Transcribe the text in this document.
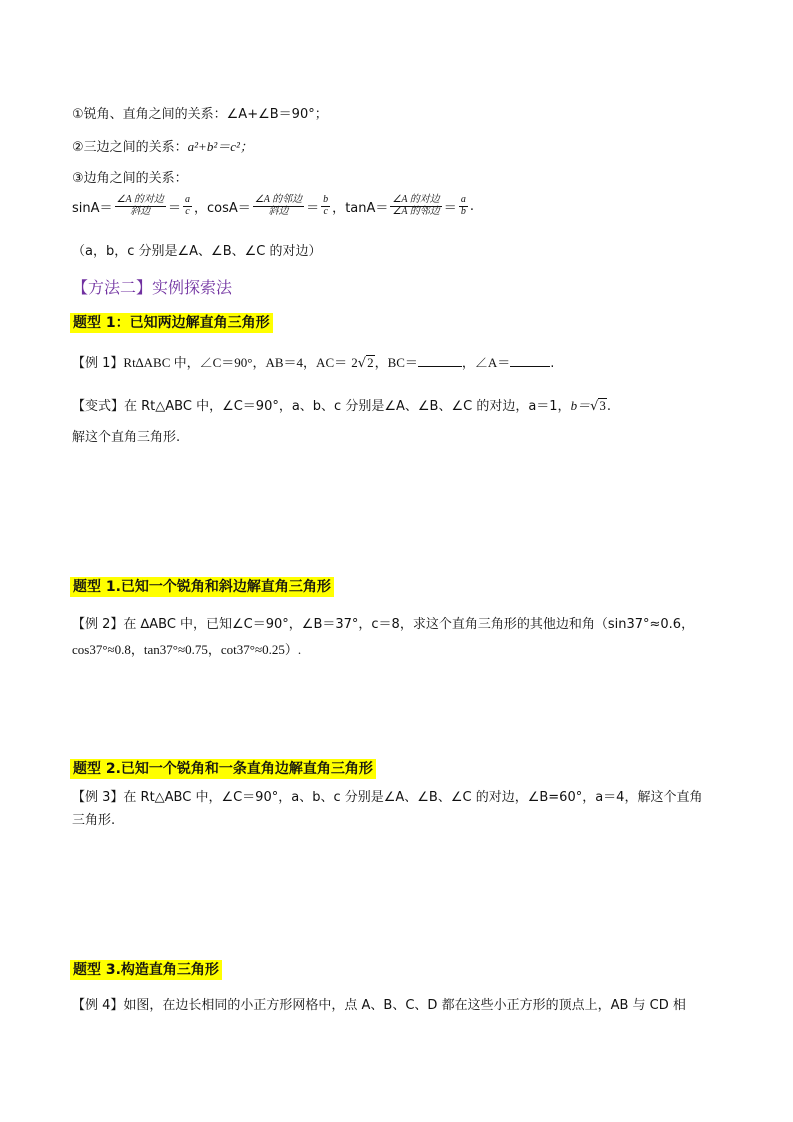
①锐角、直角之间的关系：∠A+∠B＝90°；
②三边之间的关系：a²+b²＝c²；
③边角之间的关系：
$\sin A= \frac{\text{∠A 的对边}}{\text{斜边}} = \frac{a}{c}$ ， $\cos A= \frac{\text{∠A 的邻边}}{\text{斜边}} = \frac{b}{c}$ ， $\tan A= \frac{\text{∠A 的对边}}{\text{∠A 的邻边}} = \frac{a}{b}$ .
（a，b，c 分别是∠A、∠B、∠C 的对边）
【方法二】实例探索法
题型 1：已知两边解直角三角形
【例 1】Rt∆ABC 中，∠C＝90°，AB＝4，AC＝ 2√2，BC＝	，∠A＝	.
【变式】在 Rt△ABC 中，∠C＝90°，a、b、c 分别是∠A、∠B、∠C 的对边，a＝1，b＝√3.
解这个直角三角形.
题型 1.已知一个锐角和斜边解直角三角形
【例 2】在 ∆ABC 中，已知∠C＝90°，∠B＝37°，c＝8，求这个直角三角形的其他边和角（sin37°≈0.6，
cos37°≈0.8，tan37°≈0.75，cot37°≈0.25）.
题型 2.已知一个锐角和一条直角边解直角三角形
【例 3】在 Rt△ABC 中，∠C＝90°，a、b、c 分别是∠A、∠B、∠C 的对边，∠B=60°，a＝4，解这个直角
三角形.
题型 3.构造直角三角形
【例 4】如图，在边长相同的小正方形网格中，点 A、B、C、D 都在这些小正方形的顶点上，AB 与 CD 相
